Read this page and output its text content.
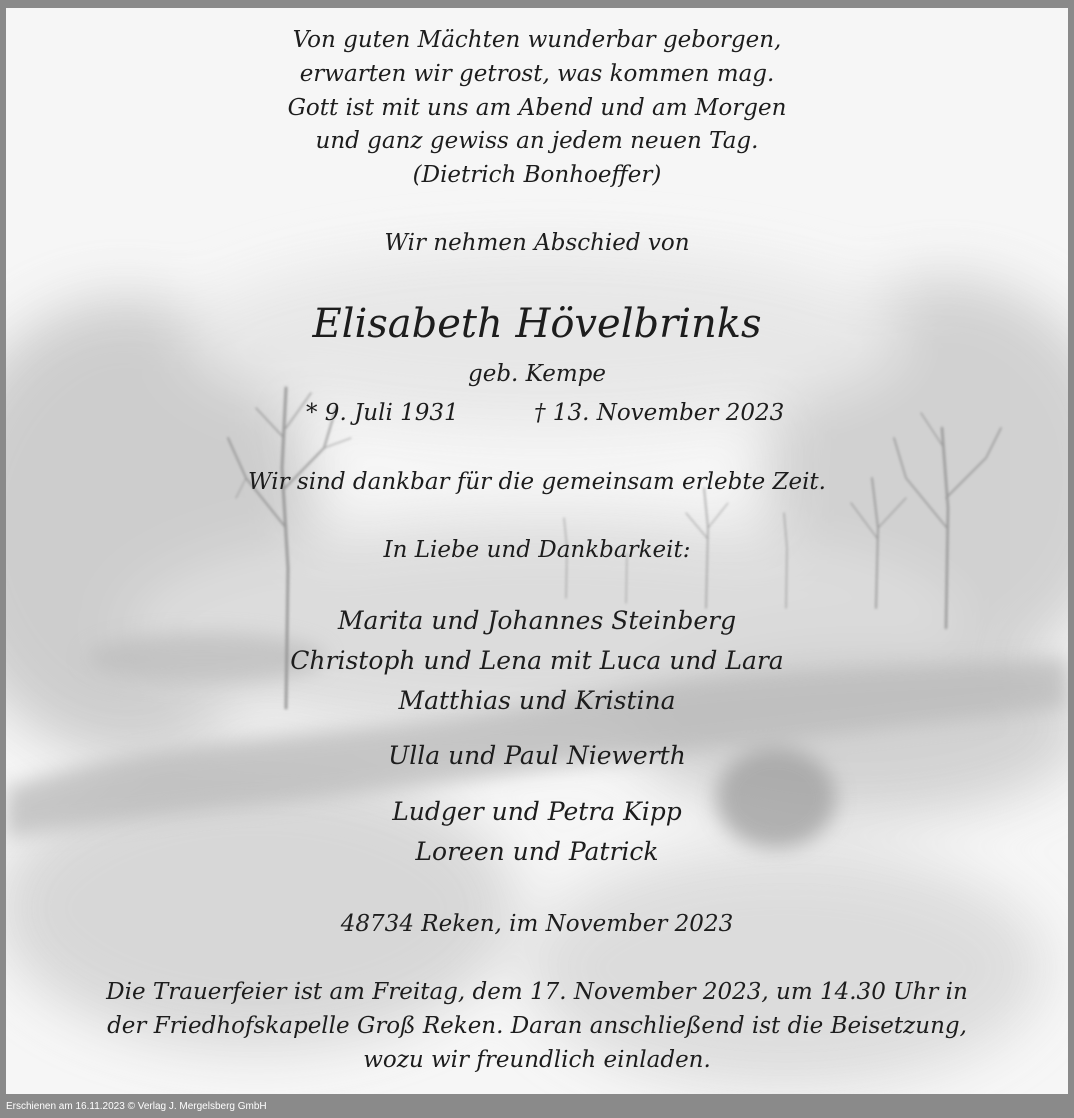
Von guten Mächten wunderbar geborgen,
erwarten wir getrost, was kommen mag.
Gott ist mit uns am Abend und am Morgen
und ganz gewiss an jedem neuen Tag.
(Dietrich Bonhoeffer)
Wir nehmen Abschied von
Elisabeth Hövelbrinks
geb. Kempe
* 9. Juli 1931	† 13. November 2023
Wir sind dankbar für die gemeinsam erlebte Zeit.
In Liebe und Dankbarkeit:
Marita und Johannes Steinberg
Christoph und Lena mit Luca und Lara
Matthias und Kristina
Ulla und Paul Niewerth
Ludger und Petra Kipp
Loreen und Patrick
48734 Reken, im November 2023
Die Trauerfeier ist am Freitag, dem 17. November 2023, um 14.30 Uhr in
der Friedhofskapelle Groß Reken. Daran anschließend ist die Beisetzung,
wozu wir freundlich einladen.
Erschienen am 16.11.2023 © Verlag J. Mergelsberg GmbH
